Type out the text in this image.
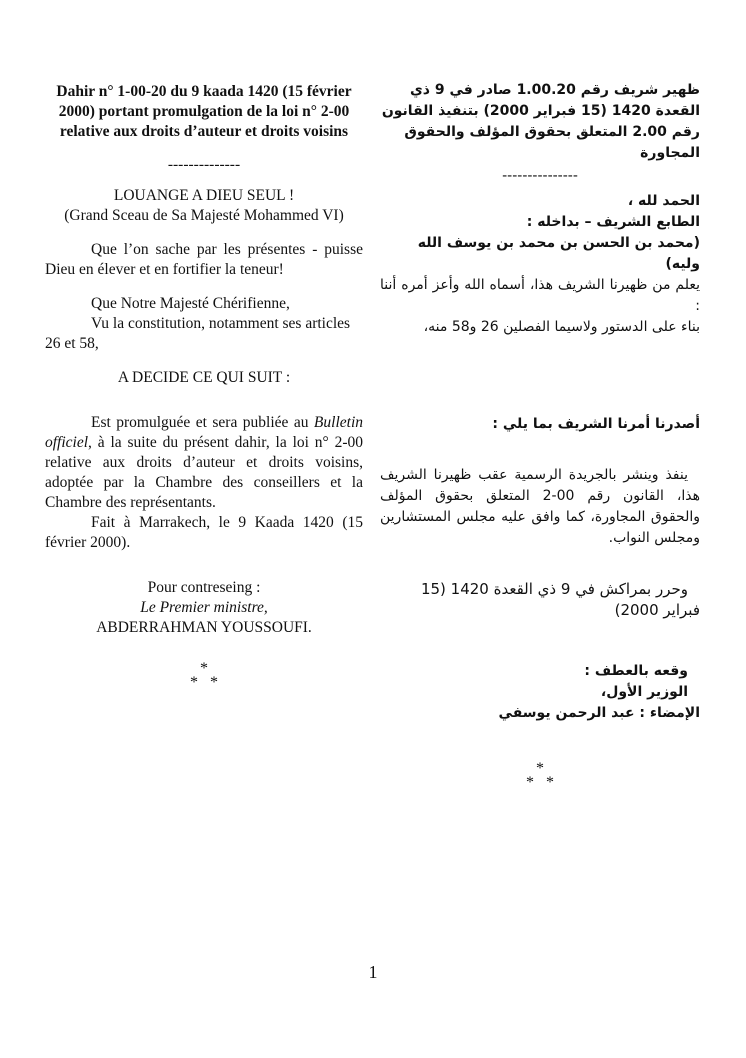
Dahir n° 1-00-20 du 9 kaada 1420 (15 février 2000) portant promulgation de la loi n° 2-00 relative aux droits d’auteur et droits voisins

--------------

LOUANGE A DIEU SEUL !

(Grand Sceau de Sa Majesté Mohammed VI)

Que l’on sache par les présentes - puisse Dieu en élever et en fortifier la teneur!

Que Notre Majesté Chérifienne,

Vu la constitution, notamment ses articles 26 et 58,

A DECIDE CE QUI SUIT :

Est promulguée et sera publiée au Bulletin officiel, à la suite du présent dahir, la loi n° 2-00 relative aux droits d’auteur et droits voisins, adoptée par la Chambre des conseillers et la Chambre des représentants.

Fait à Marrakech, le 9 Kaada 1420 (15 février 2000).

Pour contreseing :

Le Premier ministre,

ABDERRAHMAN YOUSSOUFI.

*
*   *

ظهير شريف رقم 1.00.20 صادر في 9 ذي القعدة 1420 (15 فبراير 2000) بتنفيذ القانون رقم 2.00 المتعلق بحقوق المؤلف والحقوق المجاورة

---------------

الحمد لله ،

الطابع الشريف – بداخله :

(محمد بن الحسن بن محمد بن يوسف الله وليه)

يعلم من ظهيرنا الشريف هذا، أسماه الله وأعز أمره أننا :

بناء على الدستور ولاسيما الفصلين 26 و58 منه،

أصدرنا أمرنا الشريف بما يلي :

ينفذ وينشر بالجريدة الرسمية عقب ظهيرنا الشريف هذا، القانون رقم 00-2 المتعلق بحقوق المؤلف والحقوق المجاورة، كما وافق عليه مجلس المستشارين ومجلس النواب.

وحرر بمراكش في 9 ذي القعدة 1420 (15 فبراير 2000)

وقعه بالعطف :

الوزير الأول،

الإمضاء : عبد الرحمن يوسفي

*
*   *
1
